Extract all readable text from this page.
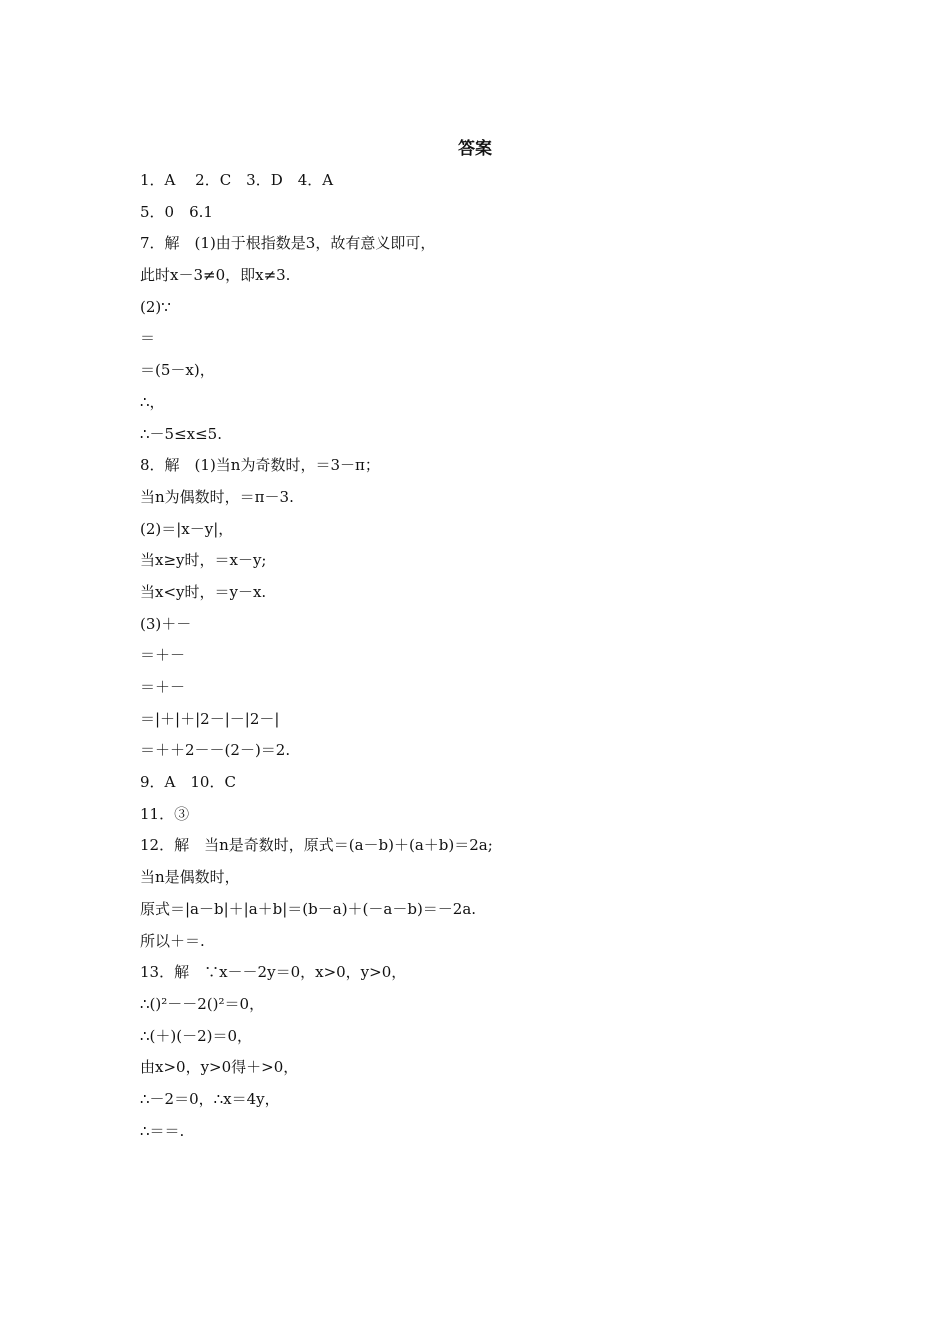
答案
1．A　 2．C　3．D　4．A
5．0　6.1
7．解　(1)由于根指数是3，故有意义即可，
此时x－3≠0，即x≠3.
(2)∵
＝
＝(5－x)，
∴，
∴－5≤x≤5.
8．解　(1)当n为奇数时，＝3－π；
当n为偶数时，＝π－3.
(2)＝|x－y|，
当x≥y时，＝x－y;
当x<y时，＝y－x.
(3)＋－
＝＋－
＝＋－
＝|＋|＋|2－|－|2－|
＝＋＋2－－(2－)＝2.
9．A　10．C
11．③
12．解　当n是奇数时，原式＝(a－b)＋(a＋b)＝2a;
当n是偶数时，
原式＝|a－b|＋|a＋b|＝(b－a)＋(－a－b)＝－2a.
所以＋＝.
13．解　∵x－－2y＝0，x>0，y>0，
∴()²－－2()²＝0，
∴(＋)(－2)＝0，
由x>0，y>0得＋>0，
∴－2＝0，∴x＝4y，
∴＝＝.
